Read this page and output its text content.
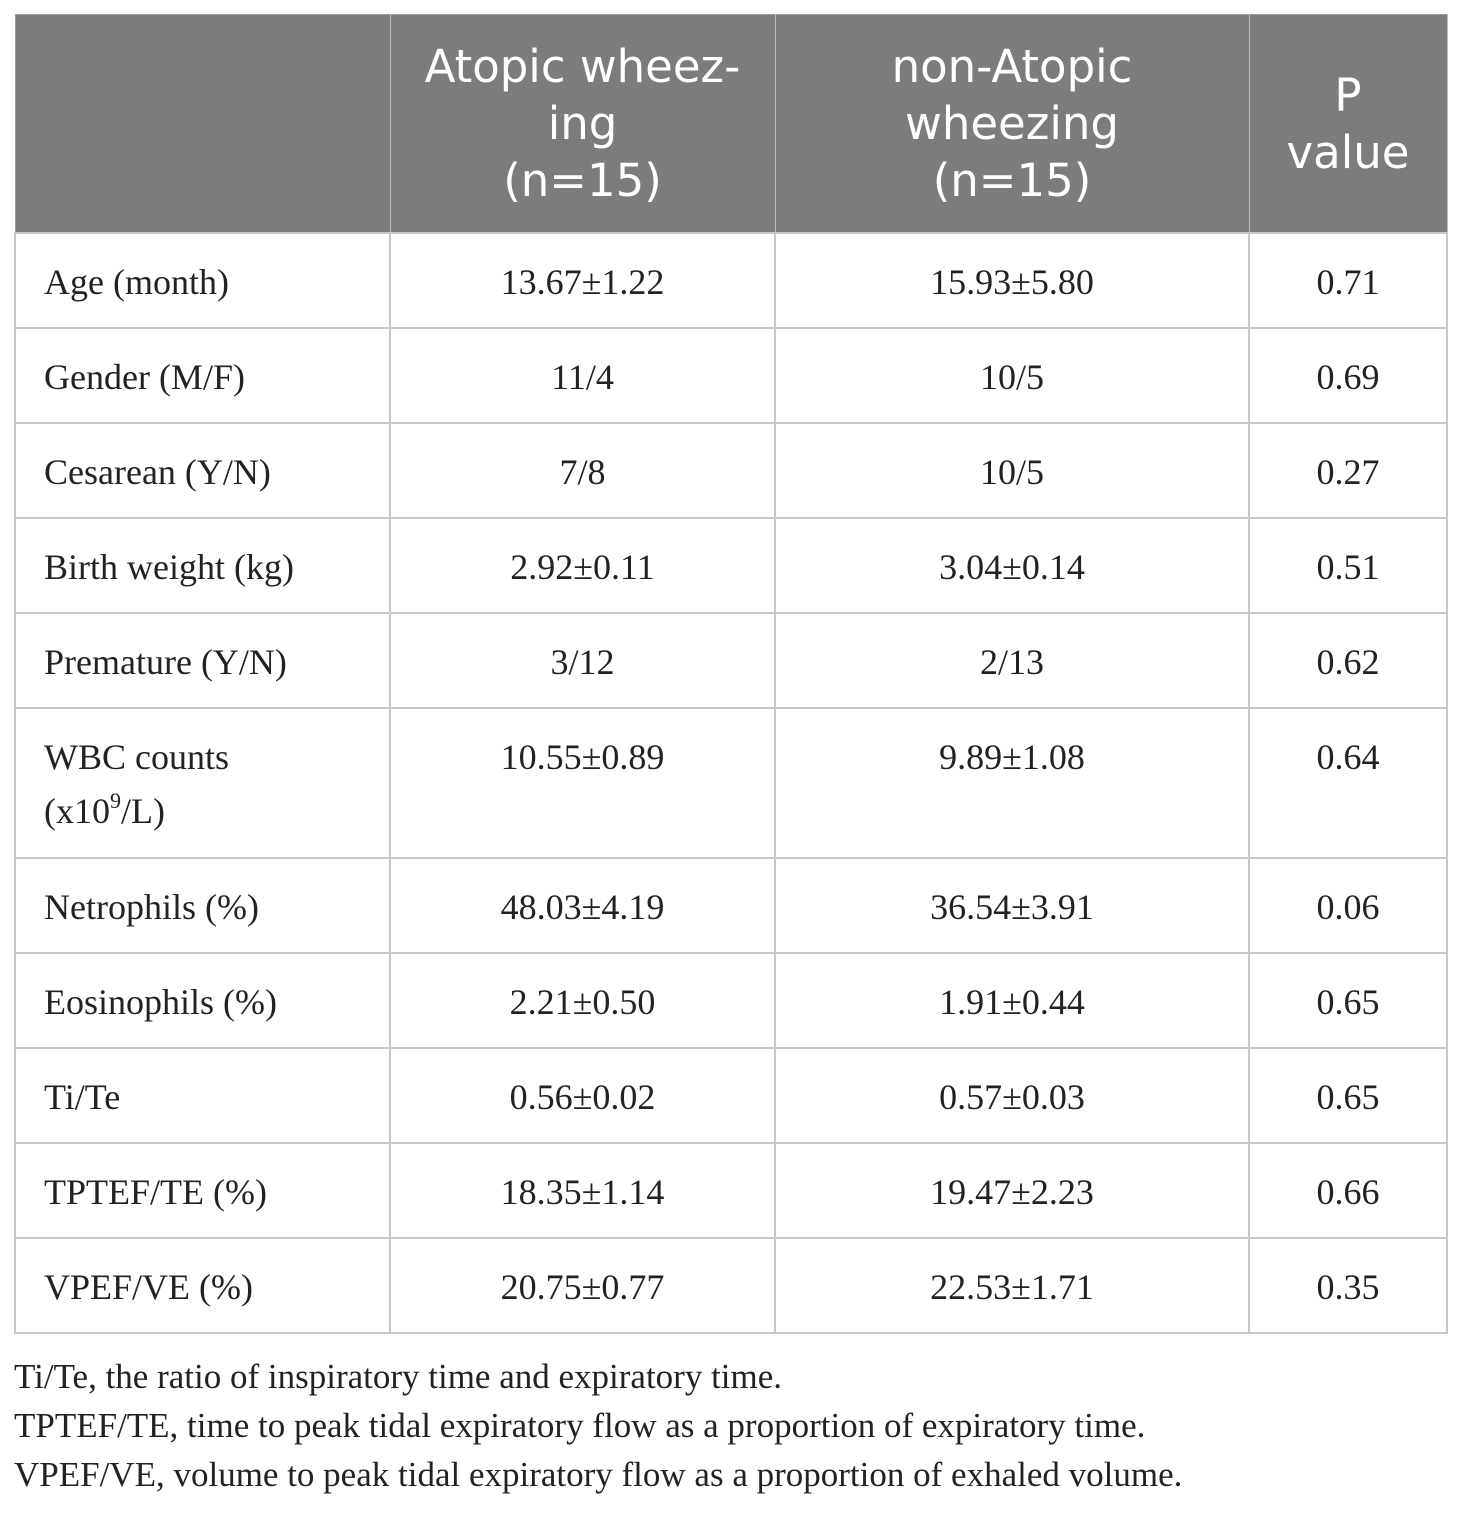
	Atopic wheez-
ing
(n=15)	non-Atopic
wheezing
(n=15)	P
value
Age (month)	13.67±1.22	15.93±5.80	0.71
Gender (M/F)	11/4	10/5	0.69
Cesarean (Y/N)	7/8	10/5	0.27
Birth weight (kg)	2.92±0.11	3.04±0.14	0.51
Premature (Y/N)	3/12	2/13	0.62
WBC counts
$(x10^9/L)$	10.55±0.89	9.89±1.08	0.64
Netrophils (%)	48.03±4.19	36.54±3.91	0.06
Eosinophils (%)	2.21±0.50	1.91±0.44	0.65
Ti/Te	0.56±0.02	0.57±0.03	0.65
TPTEF/TE (%)	18.35±1.14	19.47±2.23	0.66
VPEF/VE (%)	20.75±0.77	22.53±1.71	0.35
Ti/Te, the ratio of inspiratory time and expiratory time.
TPTEF/TE, time to peak tidal expiratory flow as a proportion of expiratory time.
VPEF/VE, volume to peak tidal expiratory flow as a proportion of exhaled volume.
